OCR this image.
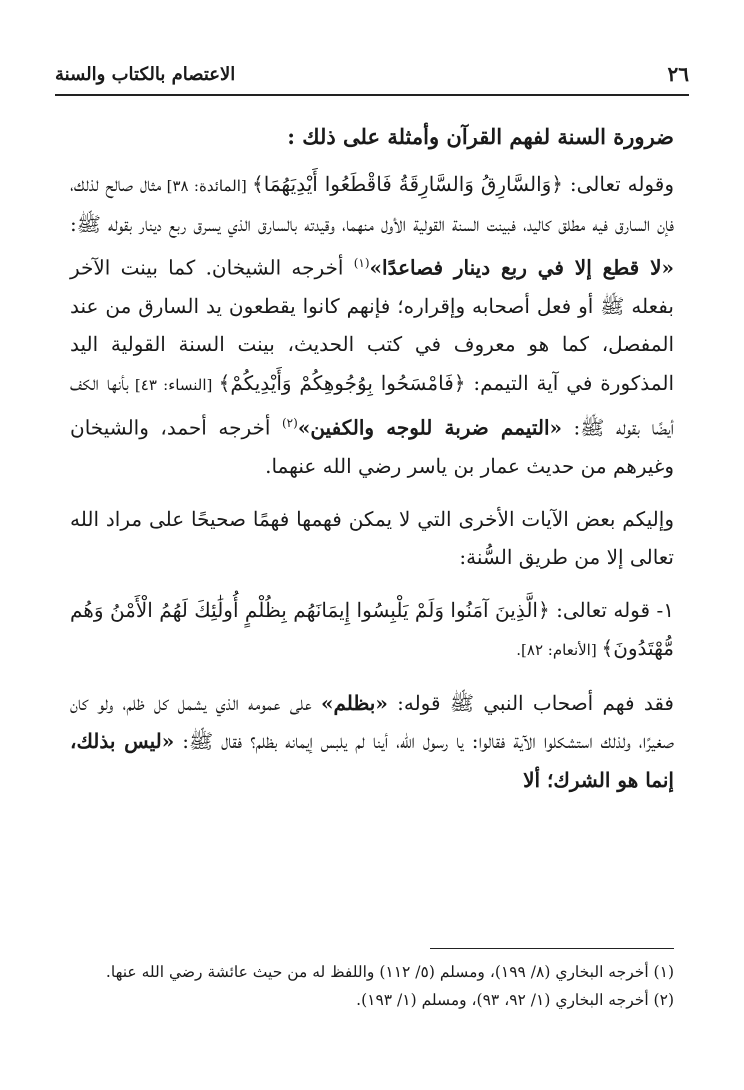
الاعتصام بالكتاب والسنة	٢٦

ضرورة السنة لفهم القرآن وأمثلة على ذلك :

وقوله تعالى: ﴿وَالسَّارِقُ وَالسَّارِقَةُ فَاقْطَعُوا أَيْدِيَهُمَا﴾ [المائدة: ٣٨] مثال صالح لذلك، فإن السارق فيه مطلق كاليد، فبينت السنة القولية الأول منهما، وقيدته بالسارق الذي يسرق ربع دينار بقوله ﷺ: «لا قطع إلا في ربع دينار فصاعدًا»$^{(١)}$ أخرجه الشيخان. كما بينت الآخر بفعله ﷺ أو فعل أصحابه وإقراره؛ فإنهم كانوا يقطعون يد السارق من عند المفصل، كما هو معروف في كتب الحديث، بينت السنة القولية اليد المذكورة في آية التيمم: ﴿فَامْسَحُوا بِوُجُوهِكُمْ وَأَيْدِيكُمْ﴾ [النساء: ٤٣] بأنها الكف أيضًا بقوله ﷺ: «التيمم ضربة للوجه والكفين»$^{(٢)}$ أخرجه أحمد، والشيخان وغيرهم من حديث عمار بن ياسر رضي الله عنهما.

وإليكم بعض الآيات الأخرى التي لا يمكن فهمها فهمًا صحيحًا على مراد الله تعالى إلا من طريق السُّنة:

١- قوله تعالى: ﴿الَّذِينَ آمَنُوا وَلَمْ يَلْبِسُوا إِيمَانَهُم بِظُلْمٍ أُولَٰئِكَ لَهُمُ الْأَمْنُ وَهُم مُّهْتَدُونَ﴾ [الأنعام: ٨٢].

فقد فهم أصحاب النبي ﷺ قوله: «بظلم» على عمومه الذي يشمل كل ظلم، ولو كان صغيرًا، ولذلك استشكلوا الآية فقالوا: يا رسول الله، أينا لم يلبس إيمانه بظلم؟ فقال ﷺ: «ليس بذلك، إنما هو الشرك؛ ألا

(١) أخرجه البخاري (٨/ ١٩٩)، ومسلم (٥/ ١١٢) واللفظ له من حيث عائشة رضي الله عنها.
(٢) أخرجه البخاري (١/ ٩٢، ٩٣)، ومسلم (١/ ١٩٣).
